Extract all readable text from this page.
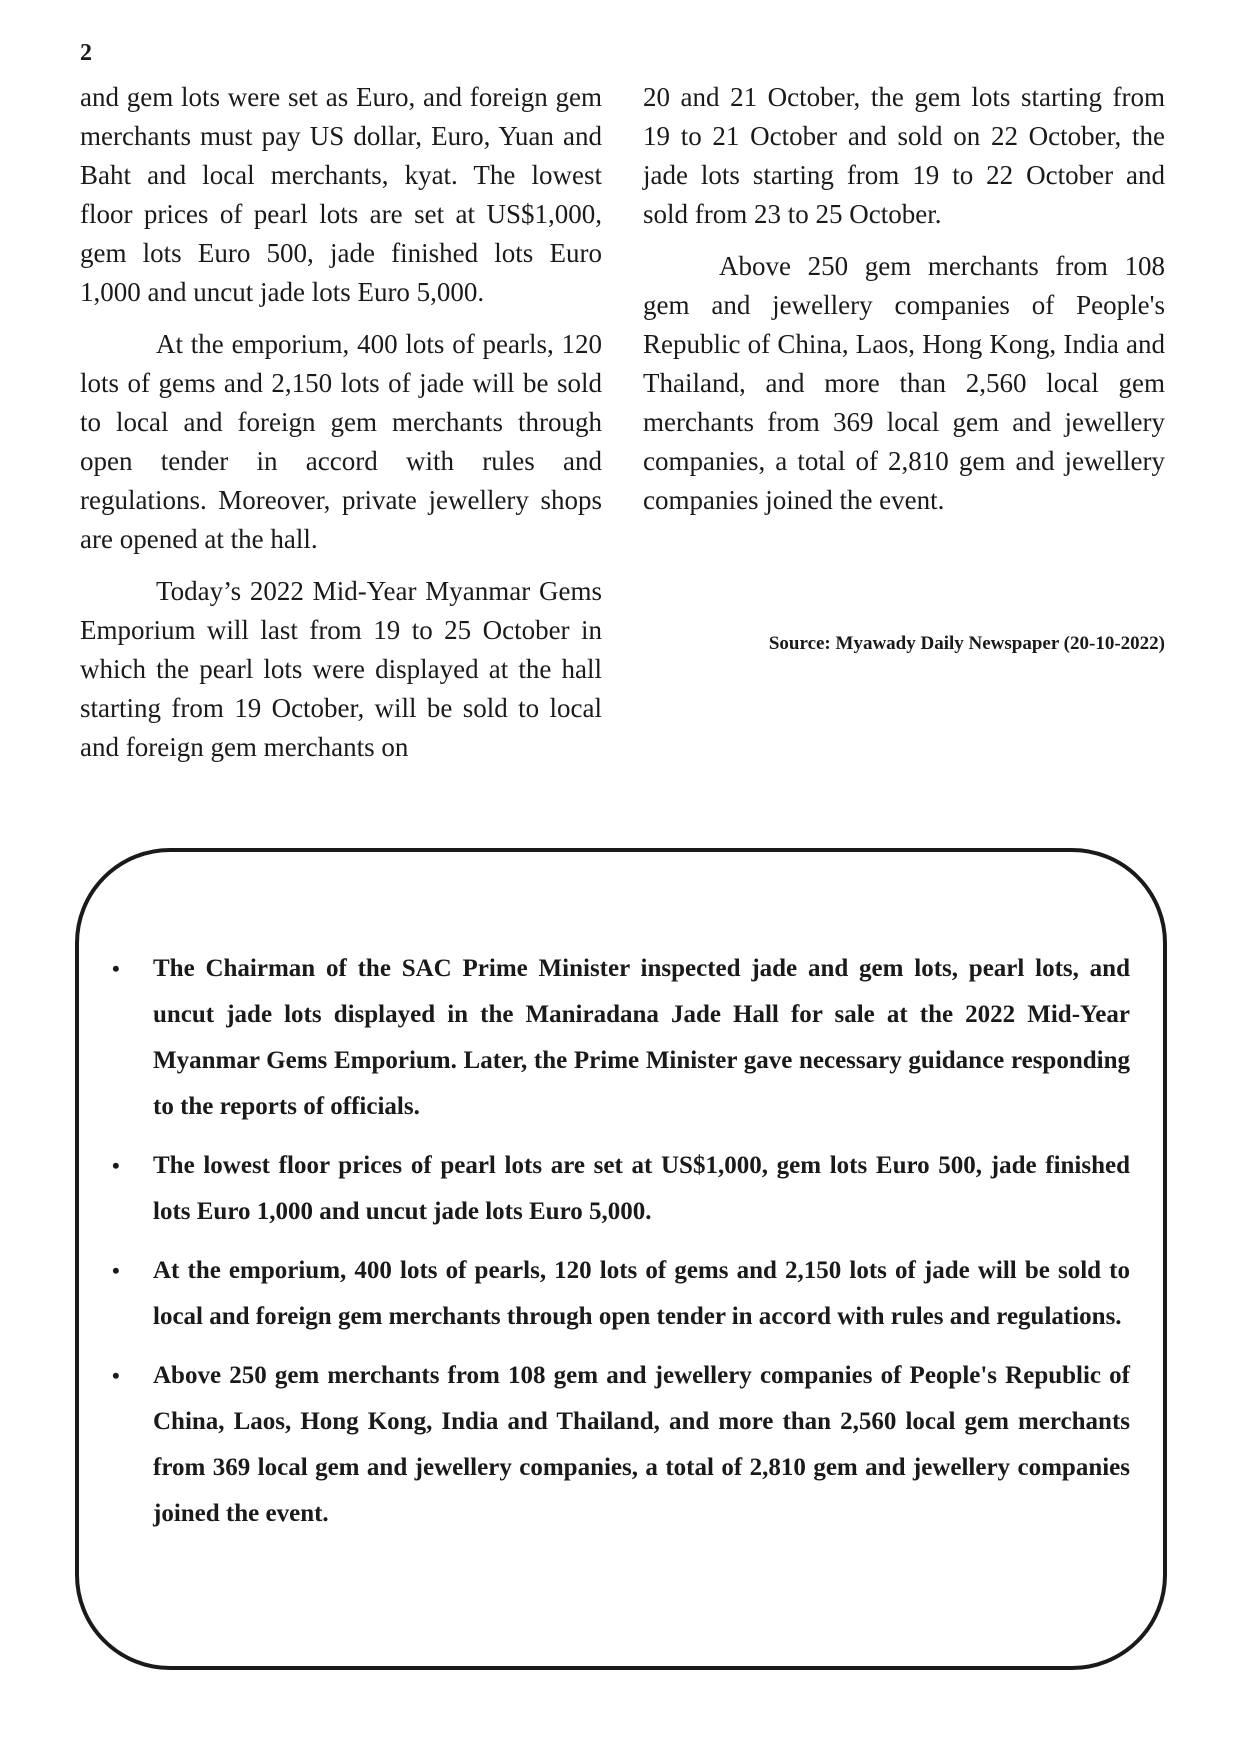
2

and gem lots were set as Euro, and foreign gem merchants must pay US dollar, Euro, Yuan and Baht and local merchants, kyat. The lowest floor prices of pearl lots are set at US$1,000, gem lots Euro 500, jade finished lots Euro 1,000 and uncut jade lots Euro 5,000.

At the emporium, 400 lots of pearls, 120 lots of gems and 2,150 lots of jade will be sold to local and foreign gem merchants through open tender in accord with rules and regulations. Moreover, private jewellery shops are opened at the hall.

Today’s 2022 Mid-Year Myanmar Gems Emporium will last from 19 to 25 October in which the pearl lots were displayed at the hall starting from 19 October, will be sold to local and foreign gem merchants on

20 and 21 October, the gem lots starting from 19 to 21 October and sold on 22 October, the jade lots starting from 19 to 22 October and sold from 23 to 25 October.

Above 250 gem merchants from 108 gem and jewellery companies of People's Republic of China, Laos, Hong Kong, India and Thailand, and more than 2,560 local gem merchants from 369 local gem and jewellery companies, a total of 2,810 gem and jewellery companies joined the event.

Source: Myawady Daily Newspaper (20-10-2022)
• The Chairman of the SAC Prime Minister inspected jade and gem lots, pearl lots, and uncut jade lots displayed in the Maniradana Jade Hall for sale at the 2022 Mid-Year Myanmar Gems Emporium. Later, the Prime Minister gave necessary guidance responding to the reports of officials.
• The lowest floor prices of pearl lots are set at US$1,000, gem lots Euro 500, jade finished lots Euro 1,000 and uncut jade lots Euro 5,000.
• At the emporium, 400 lots of pearls, 120 lots of gems and 2,150 lots of jade will be sold to local and foreign gem merchants through open tender in accord with rules and regulations.
• Above 250 gem merchants from 108 gem and jewellery companies of People's Republic of China, Laos, Hong Kong, India and Thailand, and more than 2,560 local gem merchants from 369 local gem and jewellery companies, a total of 2,810 gem and jewellery companies joined the event.
